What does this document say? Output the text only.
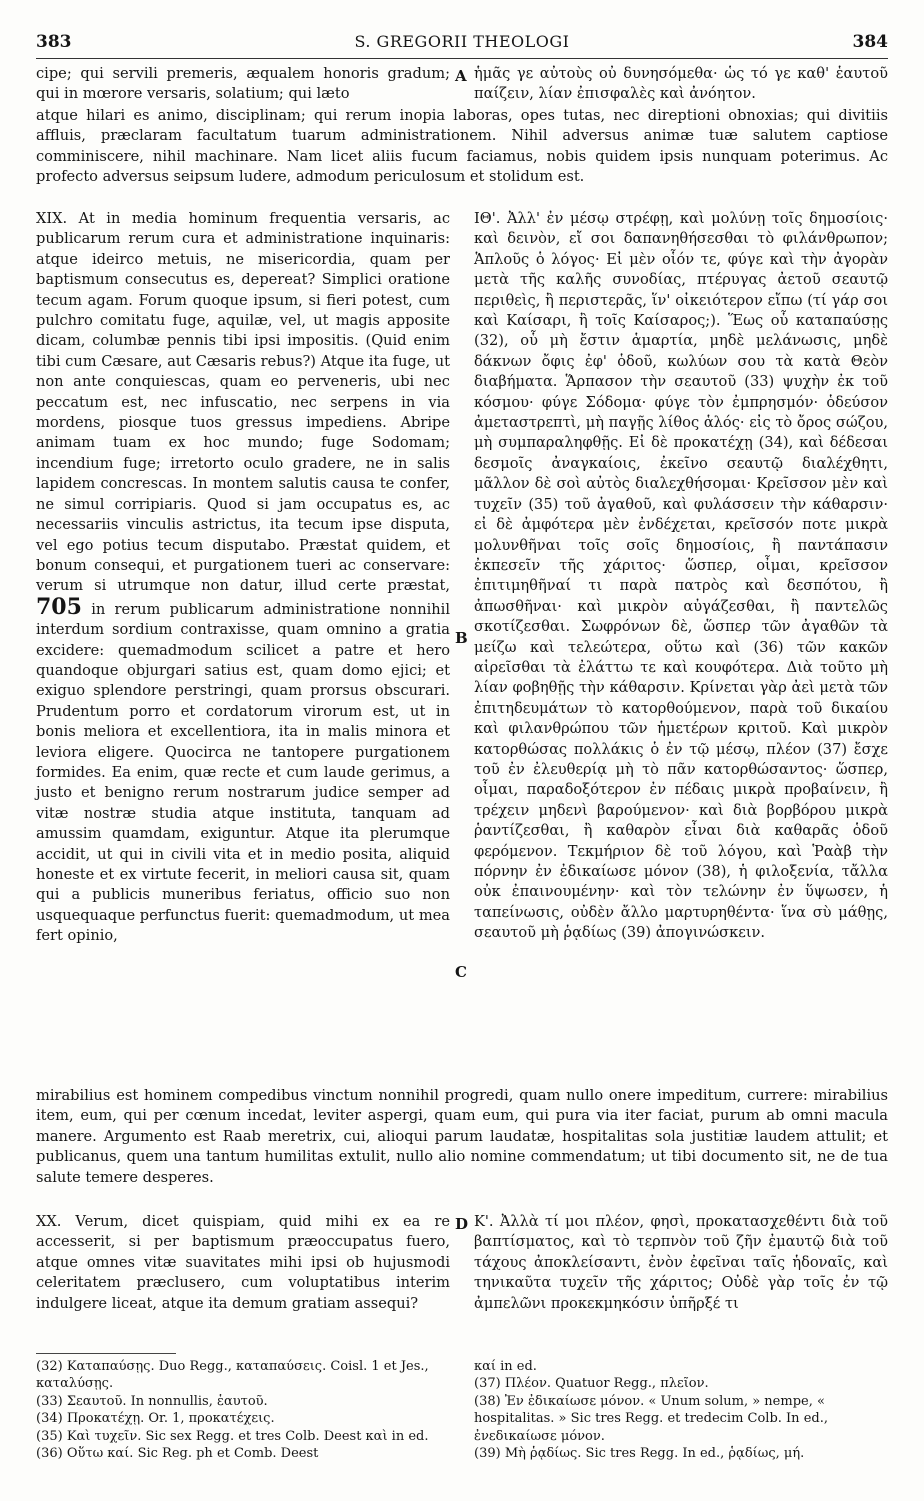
383	S. GREGORII THEOLOGI	384
cipe; qui servili premeris, æqualem honoris gradum; qui in mœrore versaris, solatium; qui læto
A ἡμᾶς γε αὐτοὺς οὐ δυνησόμεθα· ὡς τό γε καθ' ἑαυτοῦ παίζειν, λίαν ἐπισφαλὲς καὶ ἀνόητον.
atque hilari es animo, disciplinam; qui rerum inopia laboras, opes tutas, nec direptioni obnoxias; qui divitiis affluis, præclaram facultatum tuarum administrationem. Nihil adversus animæ tuæ salutem captiose comminiscere, nihil machinare. Nam licet aliis fucum faciamus, nobis quidem ipsis nunquam poterimus. Ac profecto adversus seipsum ludere, admodum periculosum et stolidum est.
XIX. At in media hominum frequentia versaris, ac publicarum rerum cura et administratione inquinaris: atque ideirco metuis, ne misericordia, quam per baptismum consecutus es, depereat? Simplici oratione tecum agam. Forum quoque ipsum, si fieri potest, cum pulchro comitatu fuge, aquilæ, vel, ut magis apposite dicam, columbæ pennis tibi ipsi impositis. (Quid enim tibi cum Cæsare, aut Cæsaris rebus?) Atque ita fuge, ut non ante conquiescas, quam eo perveneris, ubi nec peccatum est, nec infuscatio, nec serpens in via mordens, piosque tuos gressus impediens. Abripe animam tuam ex hoc mundo; fuge Sodomam; incendium fuge; irretorto oculo gradere, ne in salis lapidem concrescas. In montem salutis causa te confer, ne simul corripiaris. Quod si jam occupatus es, ac necessariis vinculis astrictus, ita tecum ipse disputa, vel ego potius tecum disputabo. Præstat quidem, et bonum consequi, et purgationem tueri ac conservare: verum si utrumque non datur, illud certe præstat, 705 in rerum publicarum administratione nonnihil interdum sordium contraxisse, quam omnino a gratia excidere: quemadmodum scilicet a patre et hero quandoque objurgari satius est, quam domo ejici; et exiguo splendore perstringi, quam prorsus obscurari. Prudentum porro et cordatorum virorum est, ut in bonis meliora et excellentiora, ita in malis minora et leviora eligere. Quocirca ne tantopere purgationem formides. Ea enim, quæ recte et cum laude gerimus, a justo et benigno rerum nostrarum judice semper ad vitæ nostræ studia atque instituta, tanquam ad amussim quamdam, exiguntur. Atque ita plerumque accidit, ut qui in civili vita et in medio posita, aliquid honeste et ex virtute fecerit, in meliori causa sit, quam qui a publicis muneribus feriatus, officio suo non usquequaque perfunctus fuerit: quemadmodum, ut mea fert opinio,
B
C
ΙΘ'. Ἀλλ' ἐν μέσῳ στρέφῃ, καὶ μολύνῃ τοῖς δημοσίοις· καὶ δεινὸν, εἴ σοι δαπανηθήσεσθαι τὸ φιλάνθρωπον; Ἁπλοῦς ὁ λόγος· Εἰ μὲν οἷόν τε, φύγε καὶ τὴν ἀγορὰν μετὰ τῆς καλῆς συνοδίας, πτέρυγας ἀετοῦ σεαυτῷ περιθεὶς, ἢ περιστερᾶς, ἵν' οἰκειότερον εἴπω (τί γάρ σοι καὶ Καίσαρι, ἢ τοῖς Καίσαρος;). Ἕως οὗ καταπαύσῃς (32), οὗ μὴ ἔστιν ἁμαρτία, μηδὲ μελάνωσις, μηδὲ δάκνων ὄφις ἐφ' ὁδοῦ, κωλύων σου τὰ κατὰ Θεὸν διαβήματα. Ἅρπασον τὴν σεαυτοῦ (33) ψυχὴν ἐκ τοῦ κόσμου· φύγε Σόδομα· φύγε τὸν ἐμπρησμόν· ὁδεύσον ἀμεταστρεπτὶ, μὴ παγῇς λίθος ἁλός· εἰς τὸ ὄρος σώζου, μὴ συμπαραληφθῇς. Εἰ δὲ προκατέχῃ (34), καὶ δέδεσαι δεσμοῖς ἀναγκαίοις, ἐκεῖνο σεαυτῷ διαλέχθητι, μᾶλλον δὲ σοὶ αὐτὸς διαλεχθήσομαι· Κρεῖσσον μὲν καὶ τυχεῖν (35) τοῦ ἀγαθοῦ, καὶ φυλάσσειν τὴν κάθαρσιν· εἰ δὲ ἀμφότερα μὲν ἐνδέχεται, κρεῖσσόν ποτε μικρὰ μολυνθῆναι τοῖς σοῖς δημοσίοις, ἢ παντάπασιν ἐκπεσεῖν τῆς χάριτος· ὥσπερ, οἶμαι, κρεῖσσον ἐπιτιμηθῆναί τι παρὰ πατρὸς καὶ δεσπότου, ἢ ἀπωσθῆναι· καὶ μικρὸν αὐγάζεσθαι, ἢ παντελῶς σκοτίζεσθαι. Σωφρόνων δὲ, ὥσπερ τῶν ἀγαθῶν τὰ μείζω καὶ τελεώτερα, οὕτω καὶ (36) τῶν κακῶν αἱρεῖσθαι τὰ ἐλάττω τε καὶ κουφότερα. Διὰ τοῦτο μὴ λίαν φοβηθῇς τὴν κάθαρσιν. Κρίνεται γὰρ ἀεὶ μετὰ τῶν ἐπιτηδευμάτων τὸ κατορθούμενον, παρὰ τοῦ δικαίου καὶ φιλανθρώπου τῶν ἡμετέρων κριτοῦ. Καὶ μικρὸν κατορθώσας πολλάκις ὁ ἐν τῷ μέσῳ, πλέον (37) ἔσχε τοῦ ἐν ἐλευθερίᾳ μὴ τὸ πᾶν κατορθώσαντος· ὥσπερ, οἶμαι, παραδοξότερον ἐν πέδαις μικρὰ προβαίνειν, ἢ τρέχειν μηδενὶ βαρούμενον· καὶ διὰ βορβόρου μικρὰ ῥαντίζεσθαι, ἢ καθαρὸν εἶναι διὰ καθαρᾶς ὁδοῦ φερόμενον. Τεκμήριον δὲ τοῦ λόγου, καὶ Ῥαὰβ τὴν πόρνην ἐν ἐδικαίωσε μόνον (38), ἡ φιλοξενία, τἄλλα οὐκ ἐπαινουμένην· καὶ τὸν τελώνην ἐν ὕψωσεν, ἡ ταπείνωσις, οὐδὲν ἄλλο μαρτυρηθέντα· ἵνα σὺ μάθῃς, σεαυτοῦ μὴ ῥᾳδίως (39) ἀπογινώσκειν.
mirabilius est hominem compedibus vinctum nonnihil progredi, quam nullo onere impeditum, currere: mirabilius item, eum, qui per cœnum incedat, leviter aspergi, quam eum, qui pura via iter faciat, purum ab omni macula manere. Argumento est Raab meretrix, cui, alioqui parum laudatæ, hospitalitas sola justitiæ laudem attulit; et publicanus, quem una tantum humilitas extulit, nullo alio nomine commendatum; ut tibi documento sit, ne de tua salute temere desperes.
XX. Verum, dicet quispiam, quid mihi ex ea re accesserit, si per baptismum præoccupatus fuero, atque omnes vitæ suavitates mihi ipsi ob hujusmodi celeritatem præclusero, cum voluptatibus interim indulgere liceat, atque ita demum gratiam assequi?
D Κ'. Ἀλλὰ τί μοι πλέον, φησὶ, προκατασχεθέντι διὰ τοῦ βαπτίσματος, καὶ τὸ τερπνὸν τοῦ ζῆν ἐμαυτῷ διὰ τοῦ τάχους ἀποκλείσαντι, ἐνὸν ἐφεῖναι ταῖς ἡδοναῖς, καὶ τηνικαῦτα τυχεῖν τῆς χάριτος; Οὐδὲ γὰρ τοῖς ἐν τῷ ἀμπελῶνι προκεκμηκόσιν ὑπῆρξέ τι
(32) Καταπαύσῃς. Duo Regg., καταπαύσεις. Coisl. 1 et Jes., καταλύσῃς.
(33) Σεαυτοῦ. In nonnullis, ἑαυτοῦ.
(34) Προκατέχῃ. Or. 1, προκατέχεις.
(35) Καὶ τυχεῖν. Sic sex Regg. et tres Colb. Deest καὶ in ed.
(36) Οὕτω καί. Sic Reg. ph et Comb. Deest
καί in ed.
(37) Πλέον. Quatuor Regg., πλεῖον.
(38) Ἐν ἐδικαίωσε μόνον. « Unum solum, » nempe, « hospitalitas. » Sic tres Regg. et tredecim Colb. In ed., ἐνεδικαίωσε μόνον.
(39) Μὴ ῥᾳδίως. Sic tres Regg. In ed., ῥᾳδίως, μή.
